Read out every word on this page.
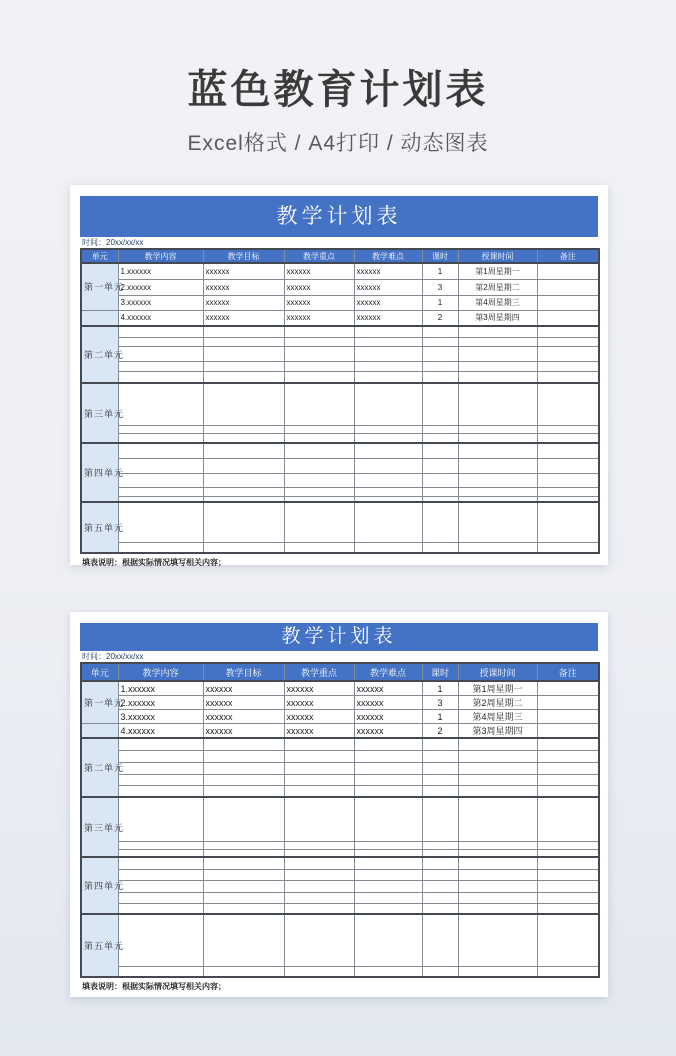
蓝色教育计划表
Excel格式 / A4打印 / 动态图表
教学计划表
时间：20xx/xx/xx
单元	教学内容	教学目标	教学重点	教学难点	课时	授课时间	备注
第一单元	1.xxxxxx	xxxxxx	xxxxxx	xxxxxx	1	第1周星期一	
	2.xxxxxx	xxxxxx	xxxxxx	xxxxxx	3	第2周星期二	
	3.xxxxxx	xxxxxx	xxxxxx	xxxxxx	1	第4周星期三	
	4.xxxxxx	xxxxxx	xxxxxx	xxxxxx	2	第3周星期四	
第二单元							

第三单元							

第四单元							

第五单元							

填表说明：根据实际情况填写相关内容；
教学计划表
时间：20xx/xx/xx
单元	教学内容	教学目标	教学重点	教学难点	课时	授课时间	备注
第一单元	1.xxxxxx	xxxxxx	xxxxxx	xxxxxx	1	第1周星期一	
	2.xxxxxx	xxxxxx	xxxxxx	xxxxxx	3	第2周星期二	
	3.xxxxxx	xxxxxx	xxxxxx	xxxxxx	1	第4周星期三	
	4.xxxxxx	xxxxxx	xxxxxx	xxxxxx	2	第3周星期四	
第二单元							

第三单元							

第四单元							

第五单元							

填表说明：根据实际情况填写相关内容；
